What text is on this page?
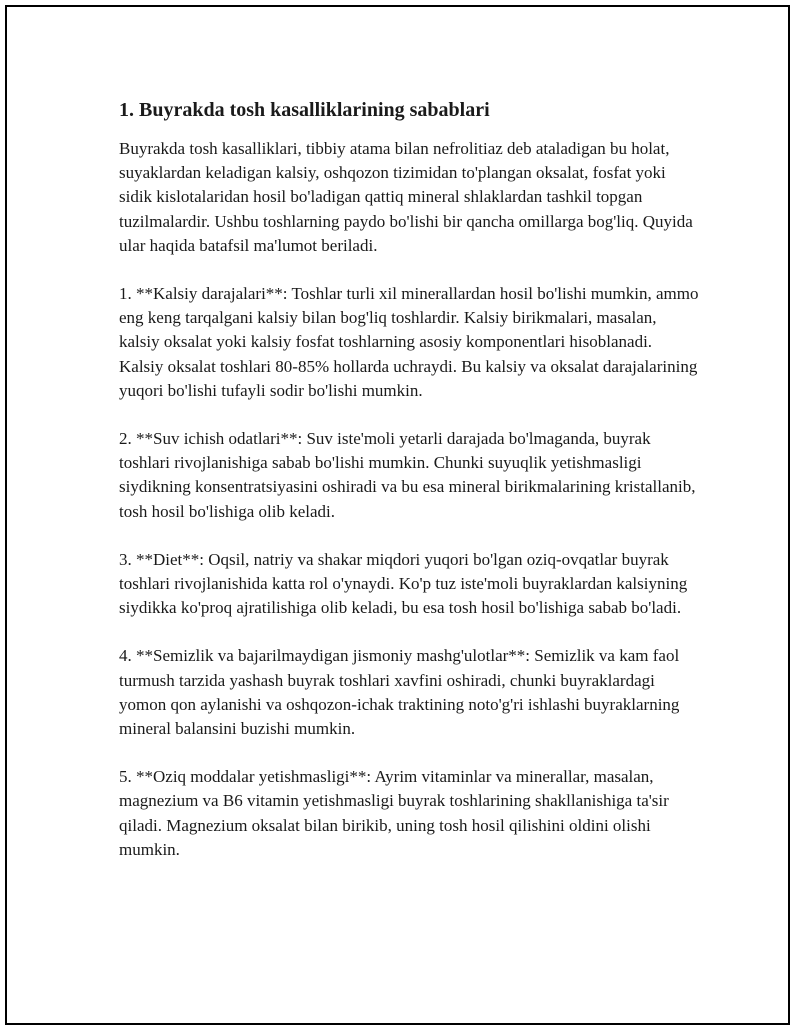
1. Buyrakda tosh kasalliklarining sabablari

Buyrakda tosh kasalliklari, tibbiy atama bilan nefrolitiaz deb ataladigan bu holat, suyaklardan keladigan kalsiy, oshqozon tizimidan to'plangan oksalat, fosfat yoki sidik kislotalaridan hosil bo'ladigan qattiq mineral shlaklardan tashkil topgan tuzilmalardir. Ushbu toshlarning paydo bo'lishi bir qancha omillarga bog'liq. Quyida ular haqida batafsil ma'lumot beriladi.

1. **Kalsiy darajalari**: Toshlar turli xil minerallardan hosil bo'lishi mumkin, ammo eng keng tarqalgani kalsiy bilan bog'liq toshlardir. Kalsiy birikmalari, masalan, kalsiy oksalat yoki kalsiy fosfat toshlarning asosiy komponentlari hisoblanadi. Kalsiy oksalat toshlari 80-85% hollarda uchraydi. Bu kalsiy va oksalat darajalarining yuqori bo'lishi tufayli sodir bo'lishi mumkin.

2. **Suv ichish odatlari**: Suv iste'moli yetarli darajada bo'lmaganda, buyrak toshlari rivojlanishiga sabab bo'lishi mumkin. Chunki suyuqlik yetishmasligi siydikning konsentratsiyasini oshiradi va bu esa mineral birikmalarining kristallanib, tosh hosil bo'lishiga olib keladi.

3. **Diet**: Oqsil, natriy va shakar miqdori yuqori bo'lgan oziq-ovqatlar buyrak toshlari rivojlanishida katta rol o'ynaydi. Ko'p tuz iste'moli buyraklardan kalsiyning siydikka ko'proq ajratilishiga olib keladi, bu esa tosh hosil bo'lishiga sabab bo'ladi.

4. **Semizlik va bajarilmaydigan jismoniy mashg'ulotlar**: Semizlik va kam faol turmush tarzida yashash buyrak toshlari xavfini oshiradi, chunki buyraklardagi yomon qon aylanishi va oshqozon-ichak traktining noto'g'ri ishlashi buyraklarning mineral balansini buzishi mumkin.

5. **Oziq moddalar yetishmasligi**: Ayrim vitaminlar va minerallar, masalan, magnezium va B6 vitamin yetishmasligi buyrak toshlarining shakllanishiga ta'sir qiladi. Magnezium oksalat bilan birikib, uning tosh hosil qilishini oldini olishi mumkin.
